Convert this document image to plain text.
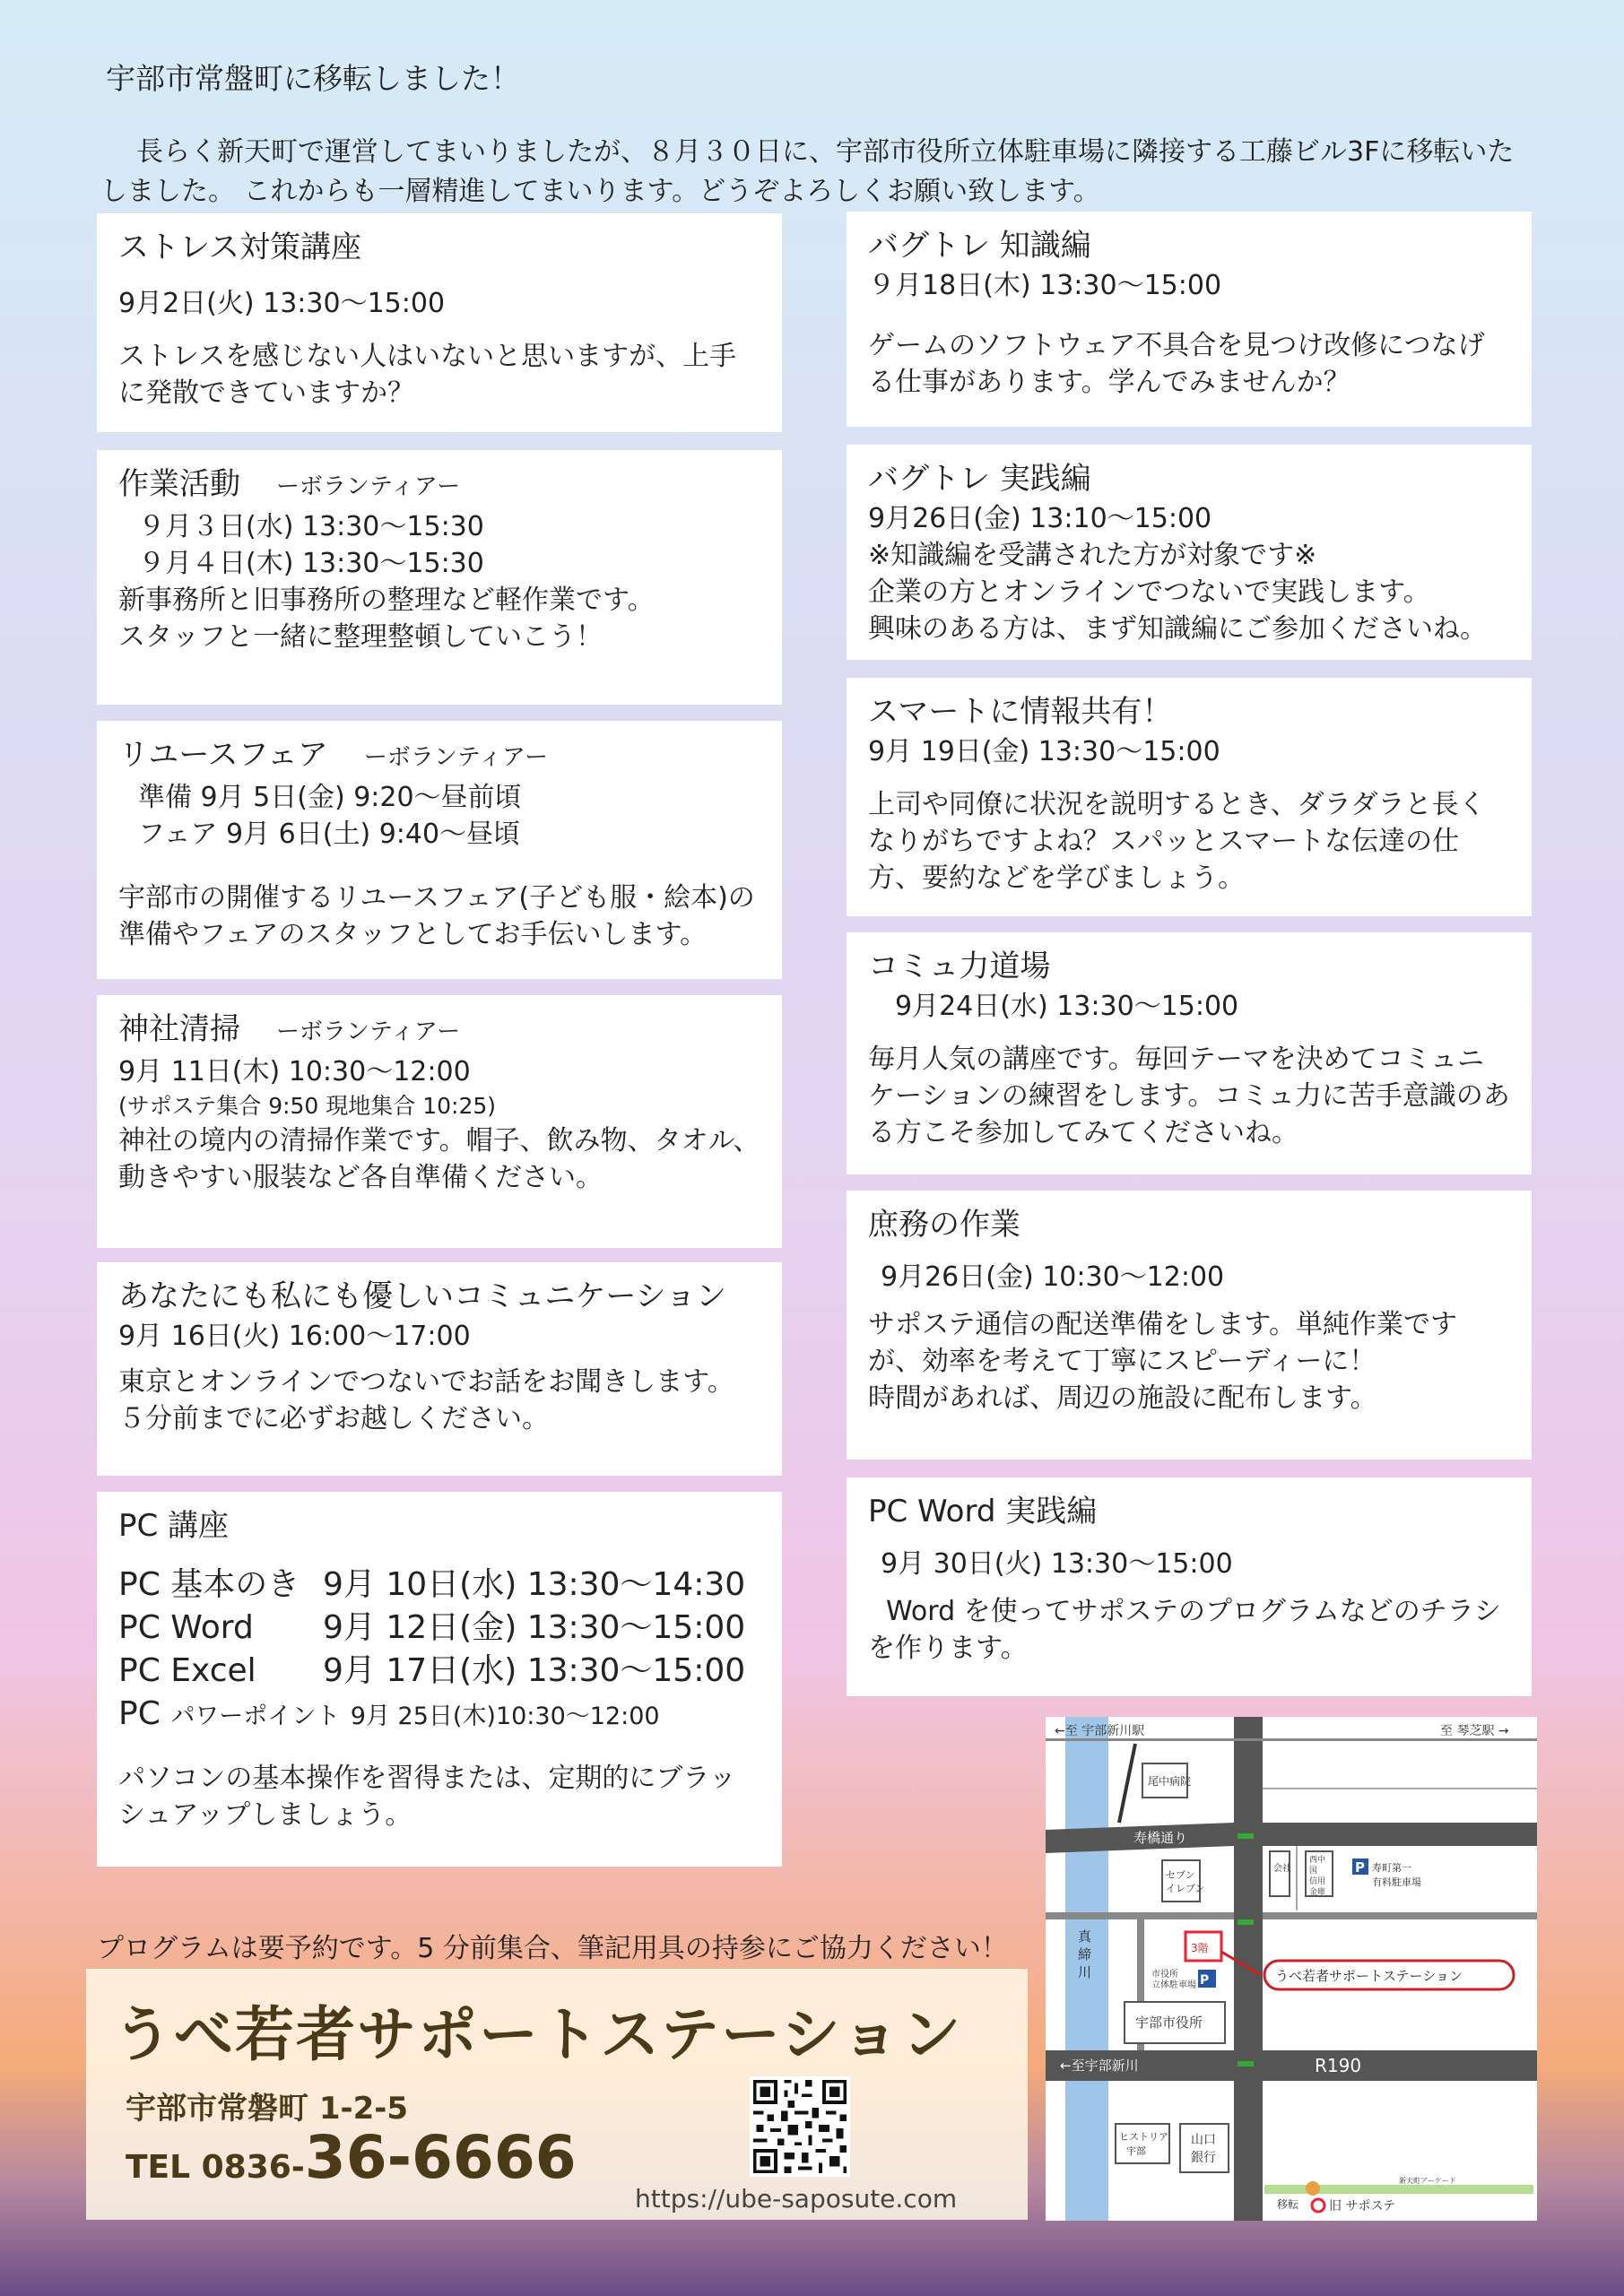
宇部市常盤町に移転しました！
長らく新天町で運営してまいりましたが、８月３０日に、宇部市役所立体駐車場に隣接する工藤ビル3Fに移転いたしました。 これからも一層精進してまいります。どうぞよろしくお願い致します。

ストレス対策講座

9月2日(火) 13:30～15:00

ストレスを感じない人はいないと思いますが、上手に発散できていますか？

作業活動 ーボランティアー

９月３日(水) 13:30～15:30

９月４日(木) 13:30～15:30

新事務所と旧事務所の整理など軽作業です。

スタッフと一緒に整理整頓していこう！

リユースフェア ーボランティアー

準備 9月 5日(金) 9:20～昼前頃

フェア 9月 6日(土) 9:40～昼頃

宇部市の開催するリユースフェア(子ども服・絵本)の準備やフェアのスタッフとしてお手伝いします。

神社清掃 ーボランティアー

9月 11日(木) 10:30～12:00

(サポステ集合 9:50 現地集合 10:25)

神社の境内の清掃作業です。帽子、飲み物、タオル、動きやすい服装など各自準備ください。

あなたにも私にも優しいコミュニケーション

9月 16日(火) 16:00～17:00

東京とオンラインでつないでお話をお聞きします。

５分前までに必ずお越しください。

PC 講座

PC 基本のき 9月 10日(水) 13:30～14:30

PC Word 9月 12日(金) 13:30～15:00

PC Excel 9月 17日(水) 13:30～15:00

PC パワーポイント 9月 25日(木)10:30～12:00

パソコンの基本操作を習得または、定期的にブラッシュアップしましょう。

バグトレ 知識編

９月18日(木) 13:30～15:00

ゲームのソフトウェア不具合を見つけ改修につなげる仕事があります。学んでみませんか？

バグトレ 実践編

9月26日(金) 13:10～15:00

※知識編を受講された方が対象です※

企業の方とオンラインでつないで実践します。

興味のある方は、まず知識編にご参加くださいね。

スマートに情報共有！

9月 19日(金) 13:30～15:00

上司や同僚に状況を説明するとき、ダラダラと長くなりがちですよね？スパッとスマートな伝達の仕方、要約などを学びましょう。

コミュ力道場

9月24日(水) 13:30～15:00

毎月人気の講座です。毎回テーマを決めてコミュニケーションの練習をします。コミュ力に苦手意識のある方こそ参加してみてくださいね。

庶務の作業

9月26日(金) 10:30～12:00

サポステ通信の配送準備をします。単純作業ですが、効率を考えて丁寧にスピーディーに！

時間があれば、周辺の施設に配布します。

PC Word 実践編

9月 30日(火) 13:30～15:00

Word を使ってサポステのプログラムなどのチラシを作ります。

プログラムは要予約です。5 分前集合、筆記用具の持参にご協力ください！
うべ若者サポートステーション
宇部市常磐町 1-2-5
TEL 0836-36-6666
https://ube-saposute.com
←至 宇部新川駅	至 琴芝駅 →
尾中病院
寿橋通り
セブン
イレブン
会社
西中
国
信用
金庫
P 寿町第一
有料駐車場
3階
うべ若者サポートステーション
真
締
川	P
市役所
立体駐車場
宇部市役所
←至宇部新川	R190
ヒストリア
宇部
山口
銀行
新天町アーケード
移転 旧 サポステ
